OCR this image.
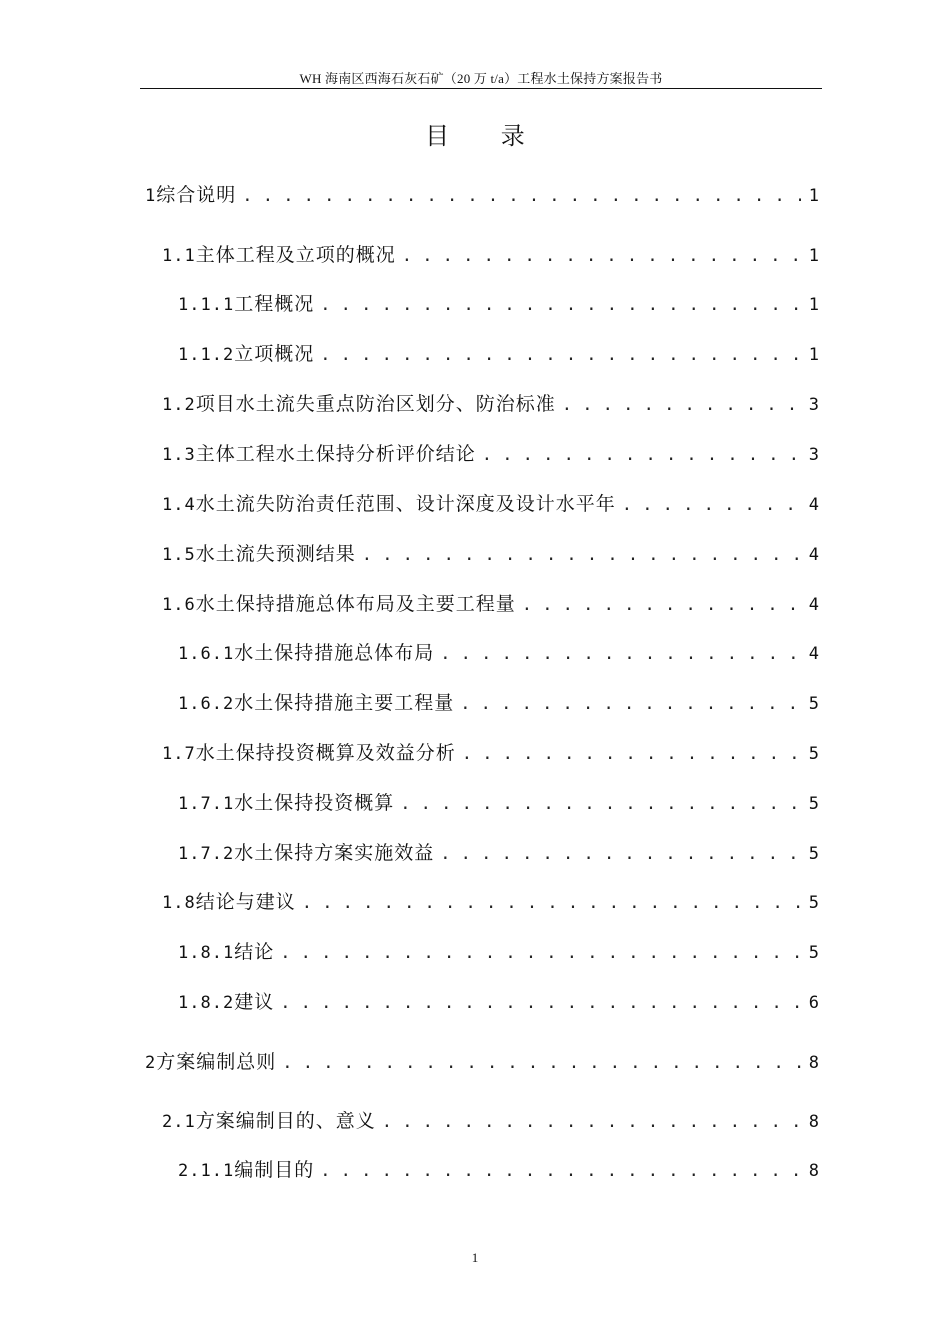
WH 海南区西海石灰石矿（20 万 t/a）工程水土保持方案报告书
目 录
1 综合说明 . . .	1
1.1 主体工程及立项的概况 . . .	1
1.1.1 工程概况 . . .	1
1.1.2 立项概况 . . .	1
1.2 项目水土流失重点防治区划分、防治标准 . . .	3
1.3 主体工程水土保持分析评价结论 . . .	3
1.4 水土流失防治责任范围、设计深度及设计水平年 . . .	4
1.5 水土流失预测结果 . . .	4
1.6 水土保持措施总体布局及主要工程量 . . .	4
1.6.1 水土保持措施总体布局 . . .	4
1.6.2 水土保持措施主要工程量 . . .	5
1.7 水土保持投资概算及效益分析 . . .	5
1.7.1 水土保持投资概算 . . .	5
1.7.2 水土保持方案实施效益 . . .	5
1.8 结论与建议 . . .	5
1.8.1 结论 . . .	5
1.8.2 建议 . . .	6
2 方案编制总则 . . .	8
2.1 方案编制目的、意义 . . .	8
2.1.1 编制目的 . . .	8
1
